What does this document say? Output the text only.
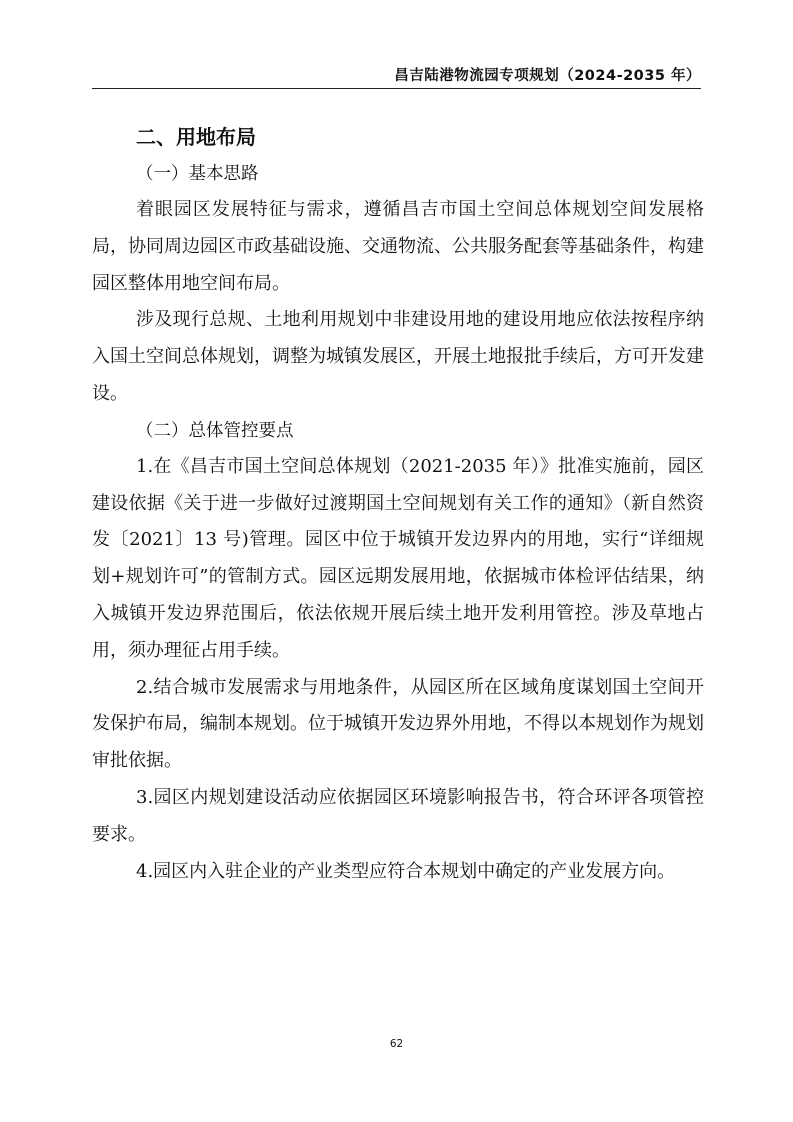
昌吉陆港物流园专项规划（2024-2035 年）
二、用地布局
（一）基本思路

着眼园区发展特征与需求，遵循昌吉市国土空间总体规划空间发展格局，协同周边园区市政基础设施、交通物流、公共服务配套等基础条件，构建园区整体用地空间布局。

涉及现行总规、土地利用规划中非建设用地的建设用地应依法按程序纳入国土空间总体规划，调整为城镇发展区，开展土地报批手续后，方可开发建设。

（二）总体管控要点

1.在《昌吉市国土空间总体规划（2021-2035 年）》批准实施前，园区建设依据《关于进一步做好过渡期国土空间规划有关工作的通知》（新自然资发〔2021〕13 号)管理。园区中位于城镇开发边界内的用地，实行“详细规划+规划许可”的管制方式。园区远期发展用地，依据城市体检评估结果，纳入城镇开发边界范围后，依法依规开展后续土地开发利用管控。涉及草地占用，须办理征占用手续。

2.结合城市发展需求与用地条件，从园区所在区域角度谋划国土空间开发保护布局，编制本规划。位于城镇开发边界外用地，不得以本规划作为规划审批依据。

3.园区内规划建设活动应依据园区环境影响报告书，符合环评各项管控要求。

4.园区内入驻企业的产业类型应符合本规划中确定的产业发展方向。

62
